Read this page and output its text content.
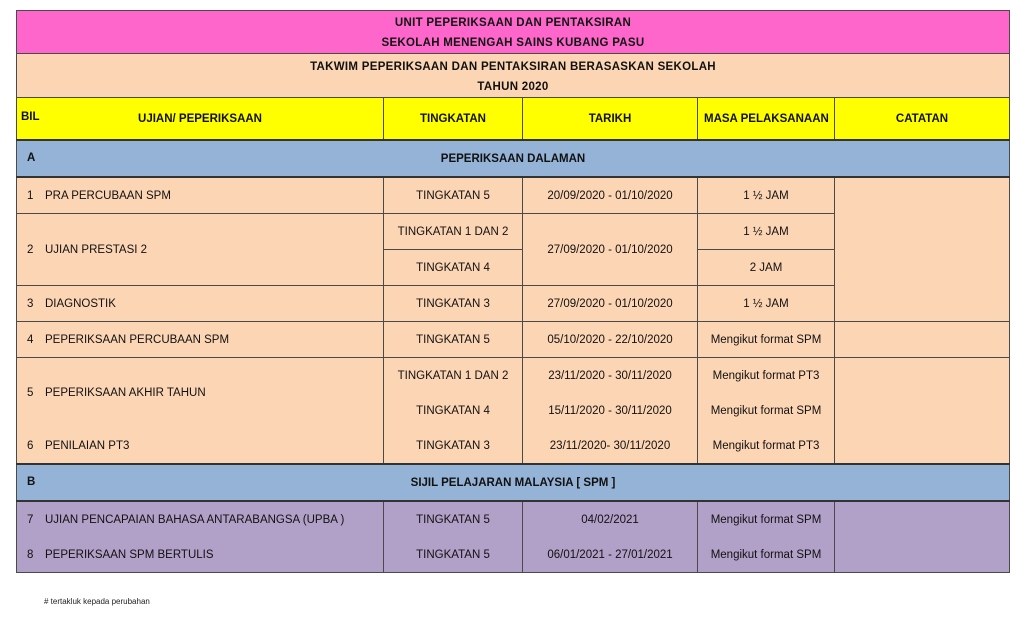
UNIT PEPERIKSAAN DAN PENTAKSIRAN				
SEKOLAH MENENGAH SAINS KUBANG PASU				
TAKWIM PEPERIKSAAN DAN PENTAKSIRAN BERASASKAN SEKOLAH				
TAHUN 2020				

BIL UJIAN/ PEPERIKSAAN	TINGKATAN	TARIKH	MASA PELAKSANAAN	CATATAN

A PEPERIKSAAN DALAMAN				

1 PRA PERCUBAAN SPM	TINGKATAN 5	20/09/2020 - 01/10/2020	1 ½ JAM	
2 UJIAN PRESTASI 2	TINGKATAN 1 DAN 2	27/09/2020 - 01/10/2020	1 ½ JAM	
	TINGKATAN 4		2 JAM	
3 DIAGNOSTIK	TINGKATAN 3	27/09/2020 - 01/10/2020	1 ½ JAM	
4 PEPERIKSAAN PERCUBAAN SPM	TINGKATAN 5	05/10/2020 - 22/10/2020	Mengikut format SPM	
5 PEPERIKSAAN AKHIR TAHUN	TINGKATAN 1 DAN 2	23/11/2020 - 30/11/2020	Mengikut format PT3	
	TINGKATAN 4	15/11/2020 - 30/11/2020	Mengikut format SPM	
6 PENILAIAN PT3	TINGKATAN 3	23/11/2020- 30/11/2020	Mengikut format PT3	

B SIJIL PELAJARAN MALAYSIA [ SPM ]				

7 UJIAN PENCAPAIAN BAHASA ANTARABANGSA (UPBA )	TINGKATAN 5	04/02/2021	Mengikut format SPM	
8 PEPERIKSAAN SPM BERTULIS	TINGKATAN 5	06/01/2021 - 27/01/2021	Mengikut format SPM	
# tertakluk kepada perubahan
